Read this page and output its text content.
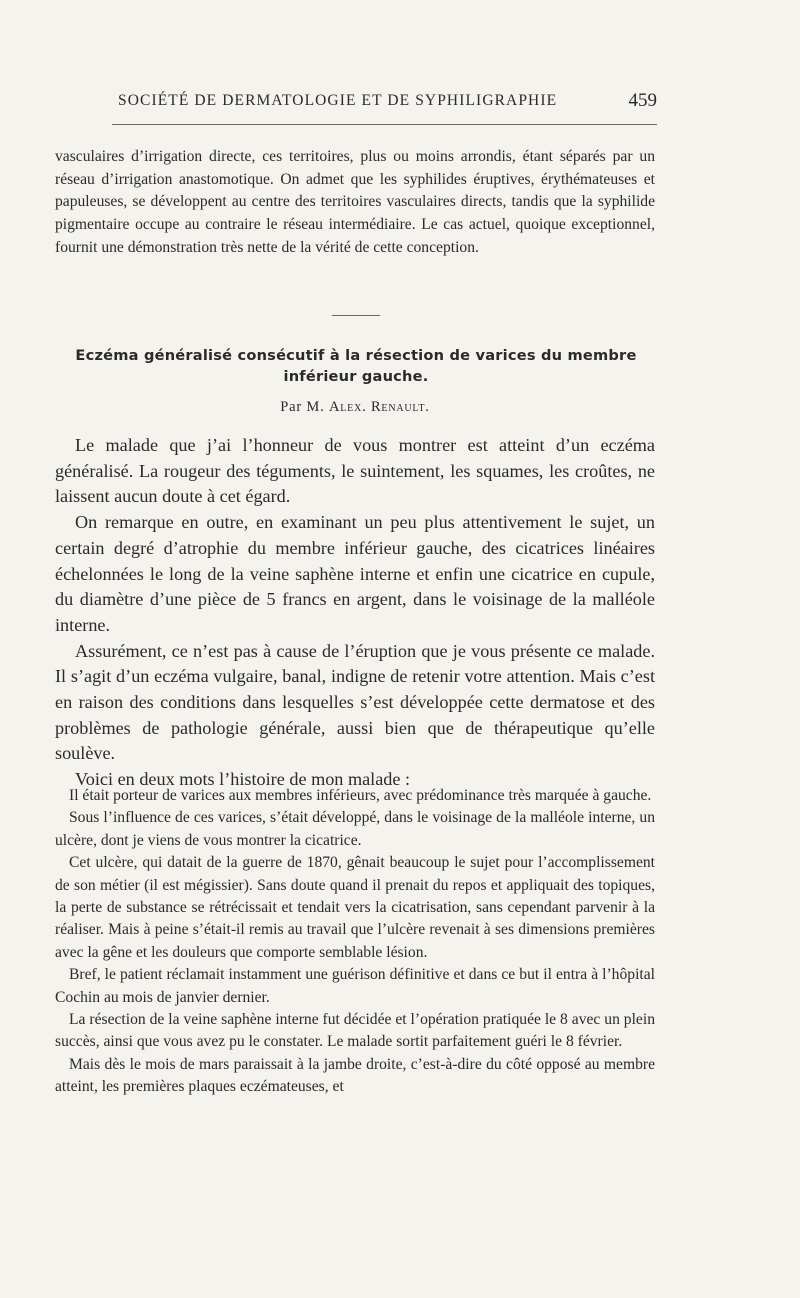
SOCIÉTÉ DE DERMATOLOGIE ET DE SYPHILIGRAPHIE	459

vasculaires d’irrigation directe, ces territoires, plus ou moins arrondis, étant séparés par un réseau d’irrigation anastomotique. On admet que les syphilides éruptives, érythémateuses et papuleuses, se développent au centre des territoires vasculaires directs, tandis que la syphilide pigmentaire occupe au contraire le réseau intermédiaire. Le cas actuel, quoique exceptionnel, fournit une démonstration très nette de la vérité de cette conception.

Eczéma généralisé consécutif à la résection de varices du membre inférieur gauche.
Par M. Alex. Renault.

Le malade que j’ai l’honneur de vous montrer est atteint d’un eczéma généralisé. La rougeur des téguments, le suintement, les squames, les croûtes, ne laissent aucun doute à cet égard.

On remarque en outre, en examinant un peu plus attentivement le sujet, un certain degré d’atrophie du membre inférieur gauche, des cicatrices linéaires échelonnées le long de la veine saphène interne et enfin une cicatrice en cupule, du diamètre d’une pièce de 5 francs en argent, dans le voisinage de la malléole interne.

Assurément, ce n’est pas à cause de l’éruption que je vous présente ce malade. Il s’agit d’un eczéma vulgaire, banal, indigne de retenir votre attention. Mais c’est en raison des conditions dans lesquelles s’est développée cette dermatose et des problèmes de pathologie générale, aussi bien que de thérapeutique qu’elle soulève.

Voici en deux mots l’histoire de mon malade :

Il était porteur de varices aux membres inférieurs, avec prédominance très marquée à gauche.

Sous l’influence de ces varices, s’était développé, dans le voisinage de la malléole interne, un ulcère, dont je viens de vous montrer la cicatrice.

Cet ulcère, qui datait de la guerre de 1870, gênait beaucoup le sujet pour l’accomplissement de son métier (il est mégissier). Sans doute quand il prenait du repos et appliquait des topiques, la perte de substance se rétrécissait et tendait vers la cicatrisation, sans cependant parvenir à la réaliser. Mais à peine s’était-il remis au travail que l’ulcère revenait à ses dimensions premières avec la gêne et les douleurs que comporte semblable lésion.

Bref, le patient réclamait instamment une guérison définitive et dans ce but il entra à l’hôpital Cochin au mois de janvier dernier.

La résection de la veine saphène interne fut décidée et l’opération pratiquée le 8 avec un plein succès, ainsi que vous avez pu le constater. Le malade sortit parfaitement guéri le 8 février.

Mais dès le mois de mars paraissait à la jambe droite, c’est-à-dire du côté opposé au membre atteint, les premières plaques eczémateuses, et
